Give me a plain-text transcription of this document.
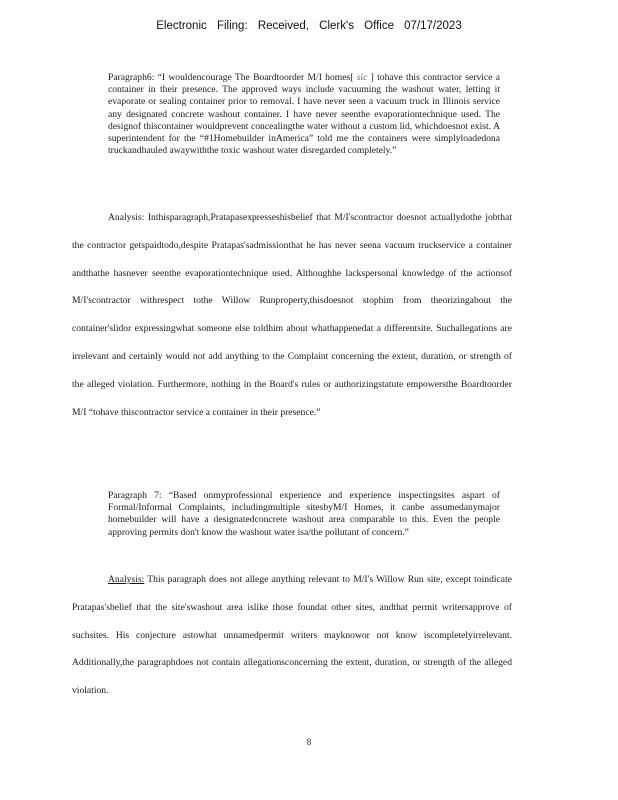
Electronic Filing: Received, Clerk's Office 07/17/2023
Paragraph6: “I wouldencourage The Boardtoorder M/I homes[ sic ] tohave this contractor service a container in their presence. The approved ways include vacuuming the washout water, letting it evaporate or sealing container prior to removal. I have never seen a vacuum truck in Illinois service any designated concrete washout container. I have never seenthe evaporationtechnique used. The designof thiscontainer wouldprevent concealingthe water without a custom lid, whichdoesnot exist. A superintendent for the “#1Homebuilder inAmerica” told me the containers were simplyloadedona truckandhauled awaywiththe toxic washout water disregarded completely.”
Analysis: Inthisparagraph,Pratapasexpresseshisbelief that M/I'scontractor doesnot actuallydothe jobthat the contractor getspaidtodo,despite Pratapas'sadmissionthat he has never seena vacuum truckservice a container andthathe hasnever seenthe evaporationtechnique used. Althoughhe lackspersonal knowledge of the actionsof M/I'scontractor withrespect tothe Willow Runproperty,thisdoesnot stophim from theorizingabout the container'slidor expressingwhat someone else toldhim about whathappenedat a differentsite. Suchallegations are irrelevant and certainly would not add anything to the Complaint concerning the extent, duration, or strength of the alleged violation. Furthermore, nothing in the Board's rules or authorizingstatute empowersthe Boardtoorder M/I “tohave thiscontractor service a container in their presence.”
Paragraph 7: “Based onmyprofessional experience and experience inspectingsites aspart of Formal/Informal Complaints, includingmultiple sitesbyM/I Homes, it canbe assumedanymajor homebuilder will have a designatedconcrete washout area comparable to this. Even the people approving permits don't know the washout water isa/the pollutant of concern.”
Analysis: This paragraph does not allege anything relevant to M/I's Willow Run site, except toindicate Pratapas'sbelief that the site'swashout area islike those foundat other sites, andthat permit writersapprove of suchsites. His conjecture astowhat unnamedpermit writers mayknowor not know iscompletelyirrelevant. Additionally,the paragraphdoes not contain allegationsconcerning the extent, duration, or strength of the alleged violation.
8
